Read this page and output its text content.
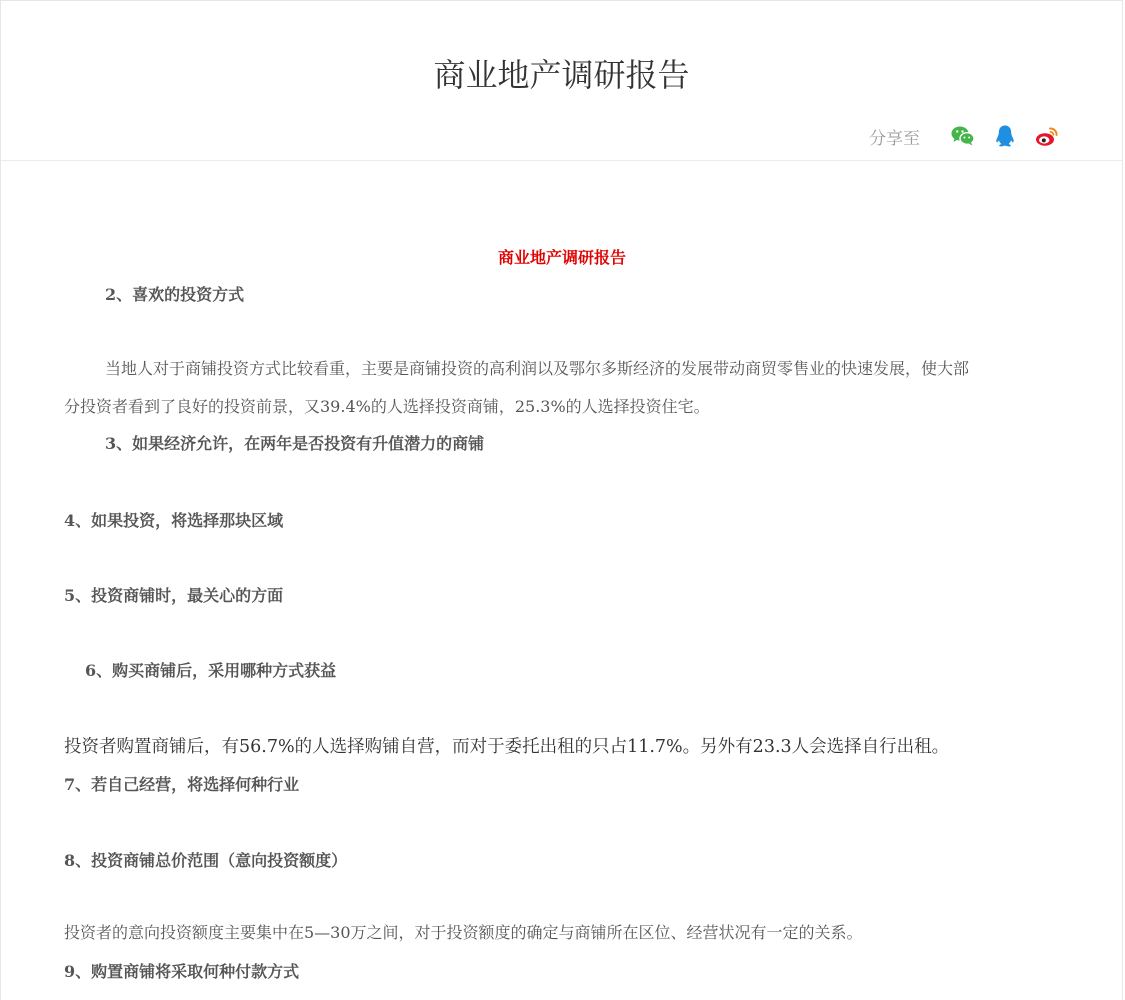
商业地产调研报告
分享至
商业地产调研报告
2、喜欢的投资方式
当地人对于商铺投资方式比较看重，主要是商铺投资的高利润以及鄂尔多斯经济的发展带动商贸零售业的快速发展，使大部
分投资者看到了良好的投资前景，又39.4%的人选择投资商铺，25.3%的人选择投资住宅。
3、如果经济允许，在两年是否投资有升值潜力的商铺
4、如果投资，将选择那块区域
5、投资商铺时，最关心的方面
6、购买商铺后，采用哪种方式获益
投资者购置商铺后，有56.7%的人选择购铺自营，而对于委托出租的只占11.7%。另外有23.3人会选择自行出租。
7、若自己经营，将选择何种行业
8、投资商铺总价范围（意向投资额度）
投资者的意向投资额度主要集中在5—30万之间，对于投资额度的确定与商铺所在区位、经营状况有一定的关系。
9、购置商铺将采取何种付款方式
